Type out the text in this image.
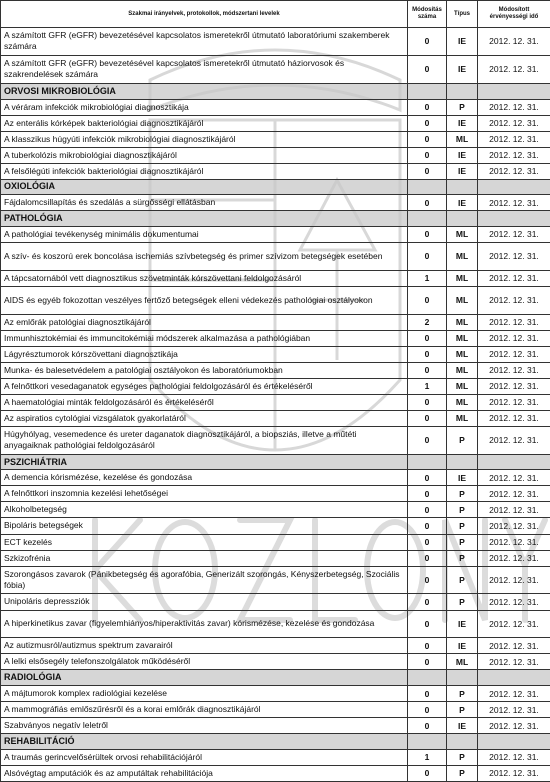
Szakmai irányelvek, protokollok, módszertani levelek	Módosítás száma	Típus	Módosított érvényességi idő
A számított GFR (eGFR) bevezetésével kapcsolatos ismeretekről útmutató laboratóriumi szakemberek számára	0	IE	2012. 12. 31.
A számított GFR (eGFR) bevezetésével kapcsolatos ismeretekről útmutató háziorvosok és szakrendelések számára	0	IE	2012. 12. 31.
ORVOSI MIKROBIOLÓGIA			
A véráram infekciók mikrobiológiai diagnosztikája	0	P	2012. 12. 31.
Az enterális kórképek bakteriológiai diagnosztikájáról	0	IE	2012. 12. 31.
A klasszikus húgyúti infekciók mikrobiológiai diagnosztikájáról	0	ML	2012. 12. 31.
A tuberkolózis mikrobiológiai diagnosztikájáról	0	IE	2012. 12. 31.
A felsőlégúti infekciók bakteriológiai diagnosztikájáról	0	IE	2012. 12. 31.
OXIOLÓGIA			
Fájdalomcsillapítás és szedálás a sürgősségi ellátásban	0	IE	2012. 12. 31.
PATHOLÓGIA			
A pathológiai tevékenység minimális dokumentumai	0	ML	2012. 12. 31.
A szív- és koszorú erek boncolása ischemiás szívbetegség és primer szívizom betegségek esetében	0	ML	2012. 12. 31.
A tápcsatornából vett diagnosztikus szövetminták kórszövettani feldolgozásáról	1	ML	2012. 12. 31.
AIDS és egyéb fokozottan veszélyes fertőző betegségek elleni védekezés pathológiai osztályokon	0	ML	2012. 12. 31.
Az emlőrák patológiai diagnosztikájáról	2	ML	2012. 12. 31.
Immunhisztokémiai és immuncitokémiai módszerek alkalmazása a pathológiában	0	ML	2012. 12. 31.
Lágyrésztumorok kórszövettani diagnosztikája	0	ML	2012. 12. 31.
Munka- és balesetvédelem a patológiai osztályokon és laboratóriumokban	0	ML	2012. 12. 31.
A felnőttkori vesedaganatok egységes pathológiai feldolgozásáról és értékeléséről	1	ML	2012. 12. 31.
A haematológiai minták feldolgozásáról és értékeléséről	0	ML	2012. 12. 31.
Az aspiratios cytológiai vizsgálatok gyakorlatáról	0	ML	2012. 12. 31.
Húgyhólyag, vesemedence és ureter daganatok diagnosztikájáról, a biopsziás, illetve a műtéti anyagaiknak pathológiai feldolgozásáról	0	P	2012. 12. 31.
PSZICHIÁTRIA			
A demencia kórismézése, kezelése és gondozása	0	IE	2012. 12. 31.
A felnőttkori inszomnia kezelési lehetőségei	0	P	2012. 12. 31.
Alkoholbetegség	0	P	2012. 12. 31.
Bipoláris betegségek	0	P	2012. 12. 31.
ECT kezelés	0	P	2012. 12. 31.
Szkizofrénia	0	P	2012. 12. 31.
Szorongásos zavarok (Pánikbetegség és agorafóbia, Generizált szorongás, Kényszerbetegség, Szociális fóbia)	0	P	2012. 12. 31.
Unipoláris depressziók	0	P	2012. 12. 31.
A hiperkinetikus zavar (figyelemhiányos/hiperaktivitás zavar) kórismézése, kezelése és gondozása	0	IE	2012. 12. 31.
Az autizmusról/autizmus spektrum zavarairól	0	IE	2012. 12. 31.
A lelki elsősegély telefonszolgálatok működéséről	0	ML	2012. 12. 31.
RADIOLÓGIA			
A májtumorok komplex radiológiai kezelése	0	P	2012. 12. 31.
A mammográfiás emlőszűrésről és a korai emlőrák diagnosztikájáról	0	P	2012. 12. 31.
Szabványos negatív leletről	0	IE	2012. 12. 31.
REHABILITÁCIÓ			
A traumás gerincvelősérültek orvosi rehabilitációjáról	1	P	2012. 12. 31.
Alsóvégtag amputációk és az amputáltak rehabilitációja	0	P	2012. 12. 31.
